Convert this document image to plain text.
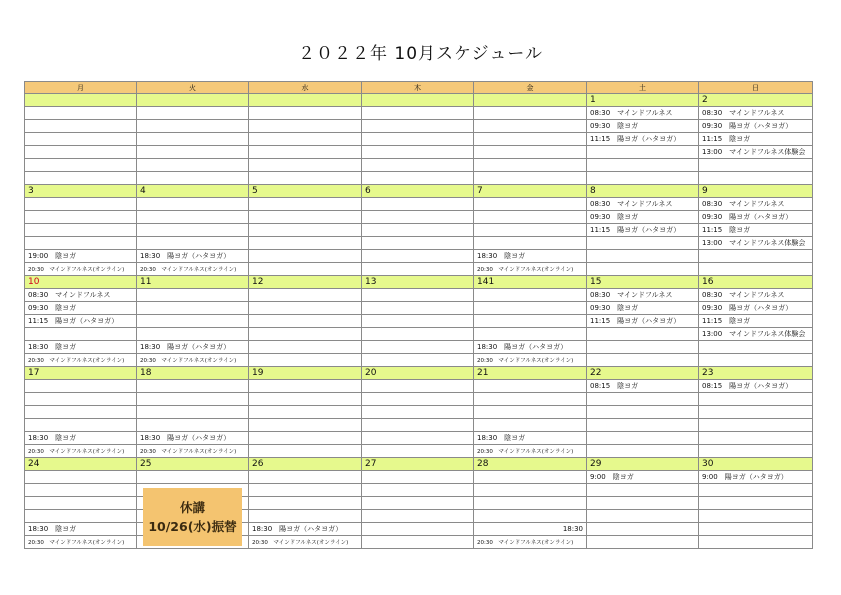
２０２２年 10月スケジュール
月	火	水	木	金	土	日
					1	2
					08:30　マインドフルネス	08:30　マインドフルネス
					09:30　陰ヨガ	09:30　陽ヨガ（ハタヨガ）
					11:15　陽ヨガ（ハタヨガ）	11:15　陰ヨガ
						13:00　マインドフルネス体験会

3	4	5	6	7	8	9
					08:30　マインドフルネス	08:30　マインドフルネス
					09:30　陰ヨガ	09:30　陽ヨガ（ハタヨガ）
					11:15　陽ヨガ（ハタヨガ）	11:15　陰ヨガ
						13:00　マインドフルネス体験会
19:00　陰ヨガ	18:30　陽ヨガ（ハタヨガ）			18:30　陰ヨガ		
20:30　マインドフルネス(オンライン)	20:30　マインドフルネス(オンライン)			20:30　マインドフルネス(オンライン)		
10	11	12	13	141	15	16
08:30　マインドフルネス					08:30　マインドフルネス	08:30　マインドフルネス
09:30　陰ヨガ					09:30　陰ヨガ	09:30　陽ヨガ（ハタヨガ）
11:15　陽ヨガ（ハタヨガ）					11:15　陽ヨガ（ハタヨガ）	11:15　陰ヨガ
						13:00　マインドフルネス体験会
18:30　陰ヨガ	18:30　陽ヨガ（ハタヨガ）			18:30　陽ヨガ（ハタヨガ）		
20:30　マインドフルネス(オンライン)	20:30　マインドフルネス(オンライン)			20:30　マインドフルネス(オンライン)		
17	18	19	20	21	22	23
					08:15　陰ヨガ	08:15　陽ヨガ（ハタヨガ）

18:30　陰ヨガ	18:30　陽ヨガ（ハタヨガ）			18:30　陰ヨガ		
20:30　マインドフルネス(オンライン)	20:30　マインドフルネス(オンライン)			20:30　マインドフルネス(オンライン)		
24	25	26	27	28	29	30
					9:00　陰ヨガ	9:00　陽ヨガ（ハタヨガ）

18:30　陰ヨガ		18:30　陽ヨガ（ハタヨガ）		18:30		
20:30　マインドフルネス(オンライン)		20:30　マインドフルネス(オンライン)		20:30　マインドフルネス(オンライン)		
休講
10/26(水)振替
